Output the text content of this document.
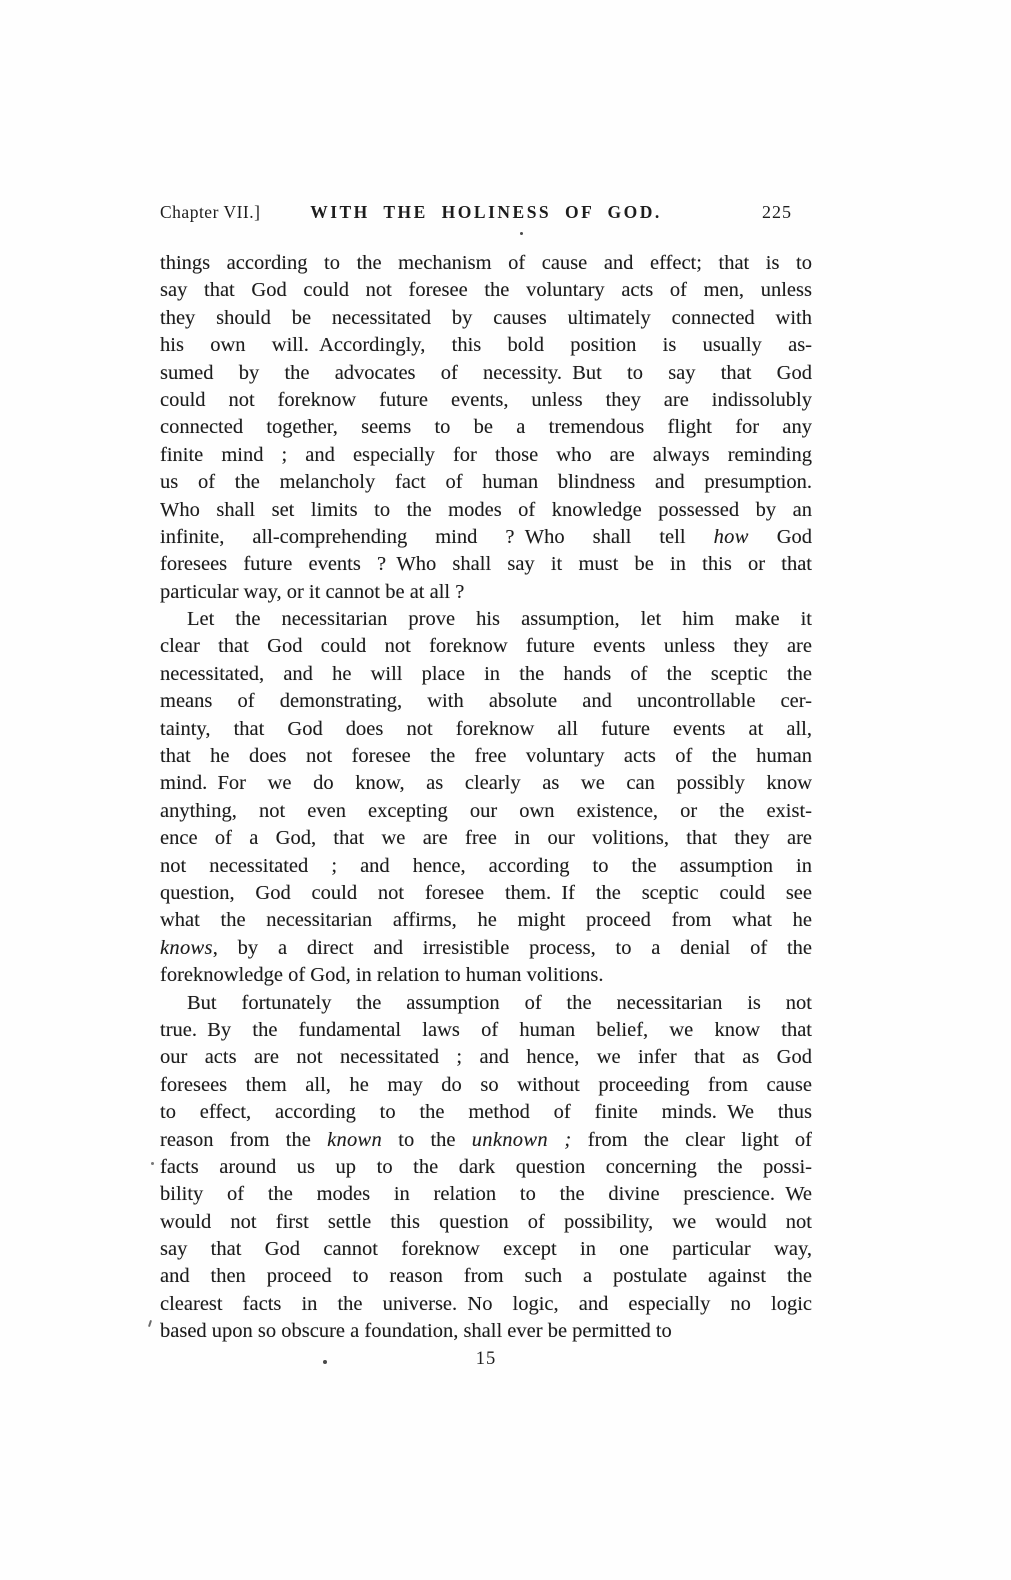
Chapter VII.]	WITH THE HOLINESS OF GOD.	225
things according to the mechanism of cause and effect; that is to
say that God could not foresee the voluntary acts of men, unless
they should be necessitated by causes ultimately connected with
his own will. Accordingly, this bold position is usually as-
sumed by the advocates of necessity. But to say that God
could not foreknow future events, unless they are indissolubly
connected together, seems to be a tremendous flight for any
finite mind ; and especially for those who are always reminding
us of the melancholy fact of human blindness and presumption.
Who shall set limits to the modes of knowledge possessed by an
infinite, all-comprehending mind ? Who shall tell how God
foresees future events ? Who shall say it must be in this or that
particular way, or it cannot be at all ?
Let the necessitarian prove his assumption, let him make it
clear that God could not foreknow future events unless they are
necessitated, and he will place in the hands of the sceptic the
means of demonstrating, with absolute and uncontrollable cer-
tainty, that God does not foreknow all future events at all,
that he does not foresee the free voluntary acts of the human
mind. For we do know, as clearly as we can possibly know
anything, not even excepting our own existence, or the exist-
ence of a God, that we are free in our volitions, that they are
not necessitated ; and hence, according to the assumption in
question, God could not foresee them. If the sceptic could see
what the necessitarian affirms, he might proceed from what he
knows, by a direct and irresistible process, to a denial of the
foreknowledge of God, in relation to human volitions.
But fortunately the assumption of the necessitarian is not
true. By the fundamental laws of human belief, we know that
our acts are not necessitated ; and hence, we infer that as God
foresees them all, he may do so without proceeding from cause
to effect, according to the method of finite minds. We thus
reason from the known to the unknown ; from the clear light of
facts around us up to the dark question concerning the possi-
bility of the modes in relation to the divine prescience. We
would not first settle this question of possibility, we would not
say that God cannot foreknow except in one particular way,
and then proceed to reason from such a postulate against the
clearest facts in the universe. No logic, and especially no logic
based upon so obscure a foundation, shall ever be permitted to
15
